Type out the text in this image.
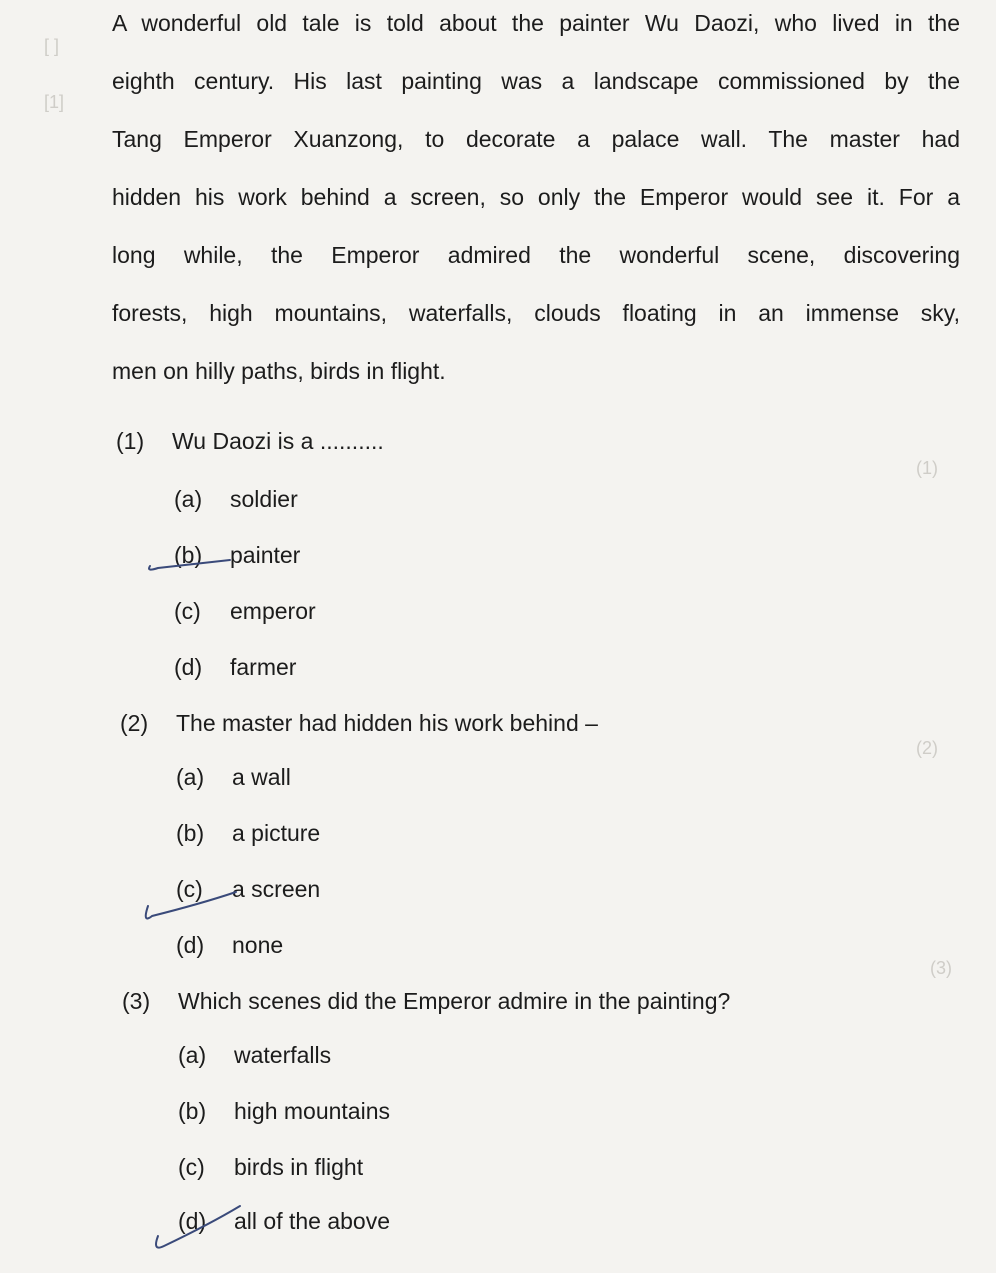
[ ]
[1]
(1)
(2)
(3)
A wonderful old tale is told about the painter Wu Daozi, who lived in the
eighth century. His last painting was a landscape commissioned by the
Tang Emperor Xuanzong, to decorate a palace wall. The master had
hidden his work behind a screen, so only the Emperor would see it. For a
long while, the Emperor admired the wonderful scene, discovering
forests, high mountains, waterfalls, clouds floating in an immense sky,
men on hilly paths, birds in flight.
(1) Wu Daozi is a ..........
(a) soldier
(b) painter
(c) emperor
(d) farmer
(2) The master had hidden his work behind –
(a) a wall
(b) a picture
(c) a screen
(d) none
(3) Which scenes did the Emperor admire in the painting?
(a) waterfalls
(b) high mountains
(c) birds in flight
(d) all of the above
